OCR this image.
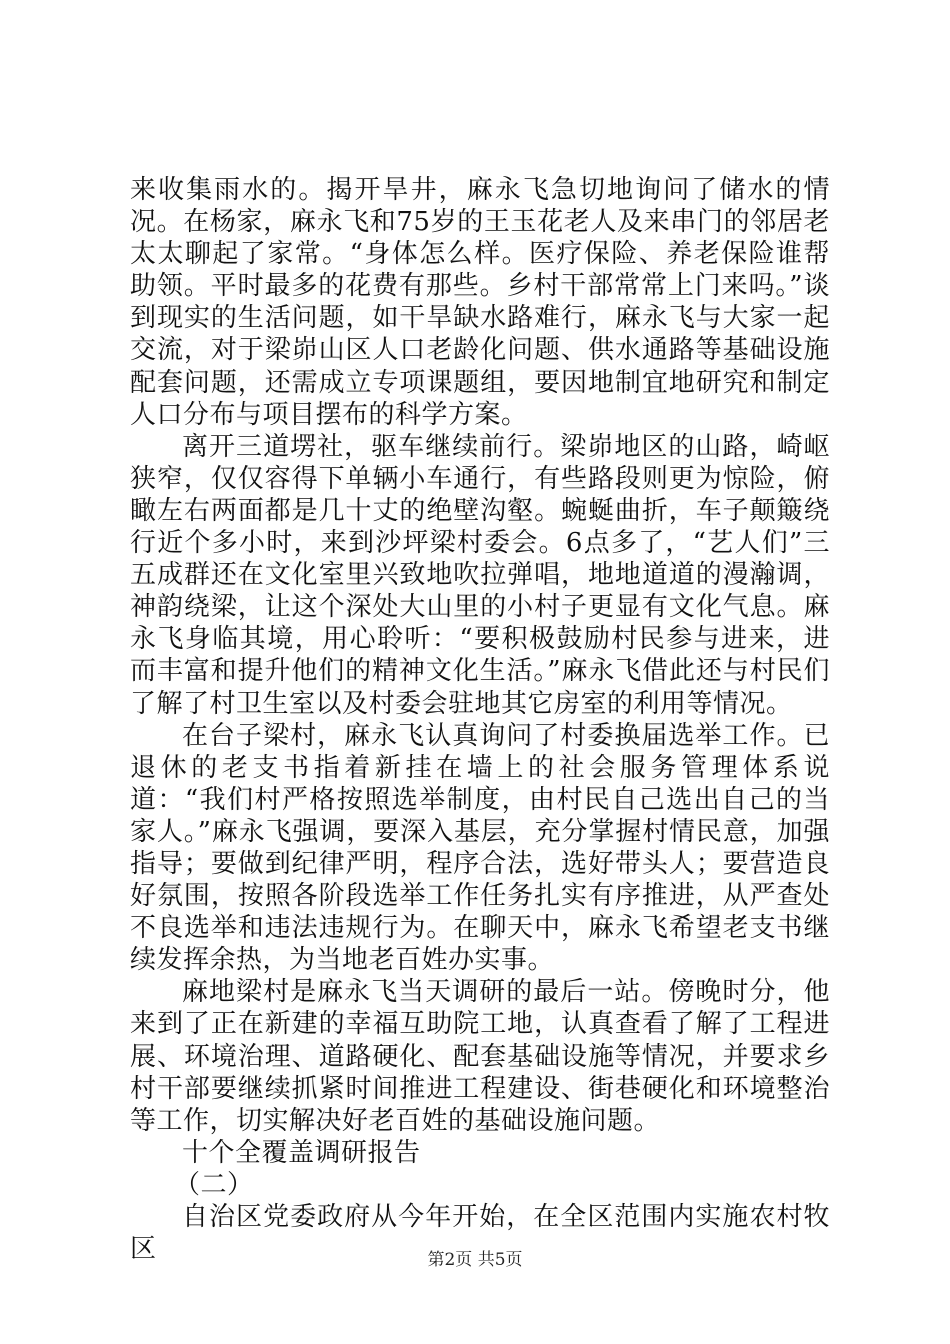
来收集雨水的。揭开旱井，麻永飞急切地询问了储水的情况。在杨家，麻永飞和75岁的王玉花老人及来串门的邻居老太太聊起了家常。“身体怎么样。医疗保险、养老保险谁帮助领。平时最多的花费有那些。乡村干部常常上门来吗。”谈到现实的生活问题，如干旱缺水路难行，麻永飞与大家一起交流，对于梁峁山区人口老龄化问题、供水通路等基础设施配套问题，还需成立专项课题组，要因地制宜地研究和制定人口分布与项目摆布的科学方案。

离开三道塄社，驱车继续前行。梁峁地区的山路，崎岖狭窄，仅仅容得下单辆小车通行，有些路段则更为惊险，俯瞰左右两面都是几十丈的绝壁沟壑。蜿蜒曲折，车子颠簸绕行近个多小时，来到沙坪梁村委会。6点多了，“艺人们”三五成群还在文化室里兴致地吹拉弹唱，地地道道的漫瀚调，神韵绕梁，让这个深处大山里的小村子更显有文化气息。麻永飞身临其境，用心聆听：“要积极鼓励村民参与进来，进而丰富和提升他们的精神文化生活。”麻永飞借此还与村民们了解了村卫生室以及村委会驻地其它房室的利用等情况。

在台子梁村，麻永飞认真询问了村委换届选举工作。已退休的老支书指着新挂在墙上的社会服务管理体系说道：“我们村严格按照选举制度，由村民自己选出自己的当家人。”麻永飞强调，要深入基层，充分掌握村情民意，加强指导；要做到纪律严明，程序合法，选好带头人；要营造良好氛围，按照各阶段选举工作任务扎实有序推进，从严查处不良选举和违法违规行为。在聊天中，麻永飞希望老支书继续发挥余热，为当地老百姓办实事。

麻地梁村是麻永飞当天调研的最后一站。傍晚时分，他来到了正在新建的幸福互助院工地，认真查看了解了工程进展、环境治理、道路硬化、配套基础设施等情况，并要求乡村干部要继续抓紧时间推进工程建设、街巷硬化和环境整治等工作，切实解决好老百姓的基础设施问题。

十个全覆盖调研报告

（二）

自治区党委政府从今年开始，在全区范围内实施农村牧区	第2页 共5页
